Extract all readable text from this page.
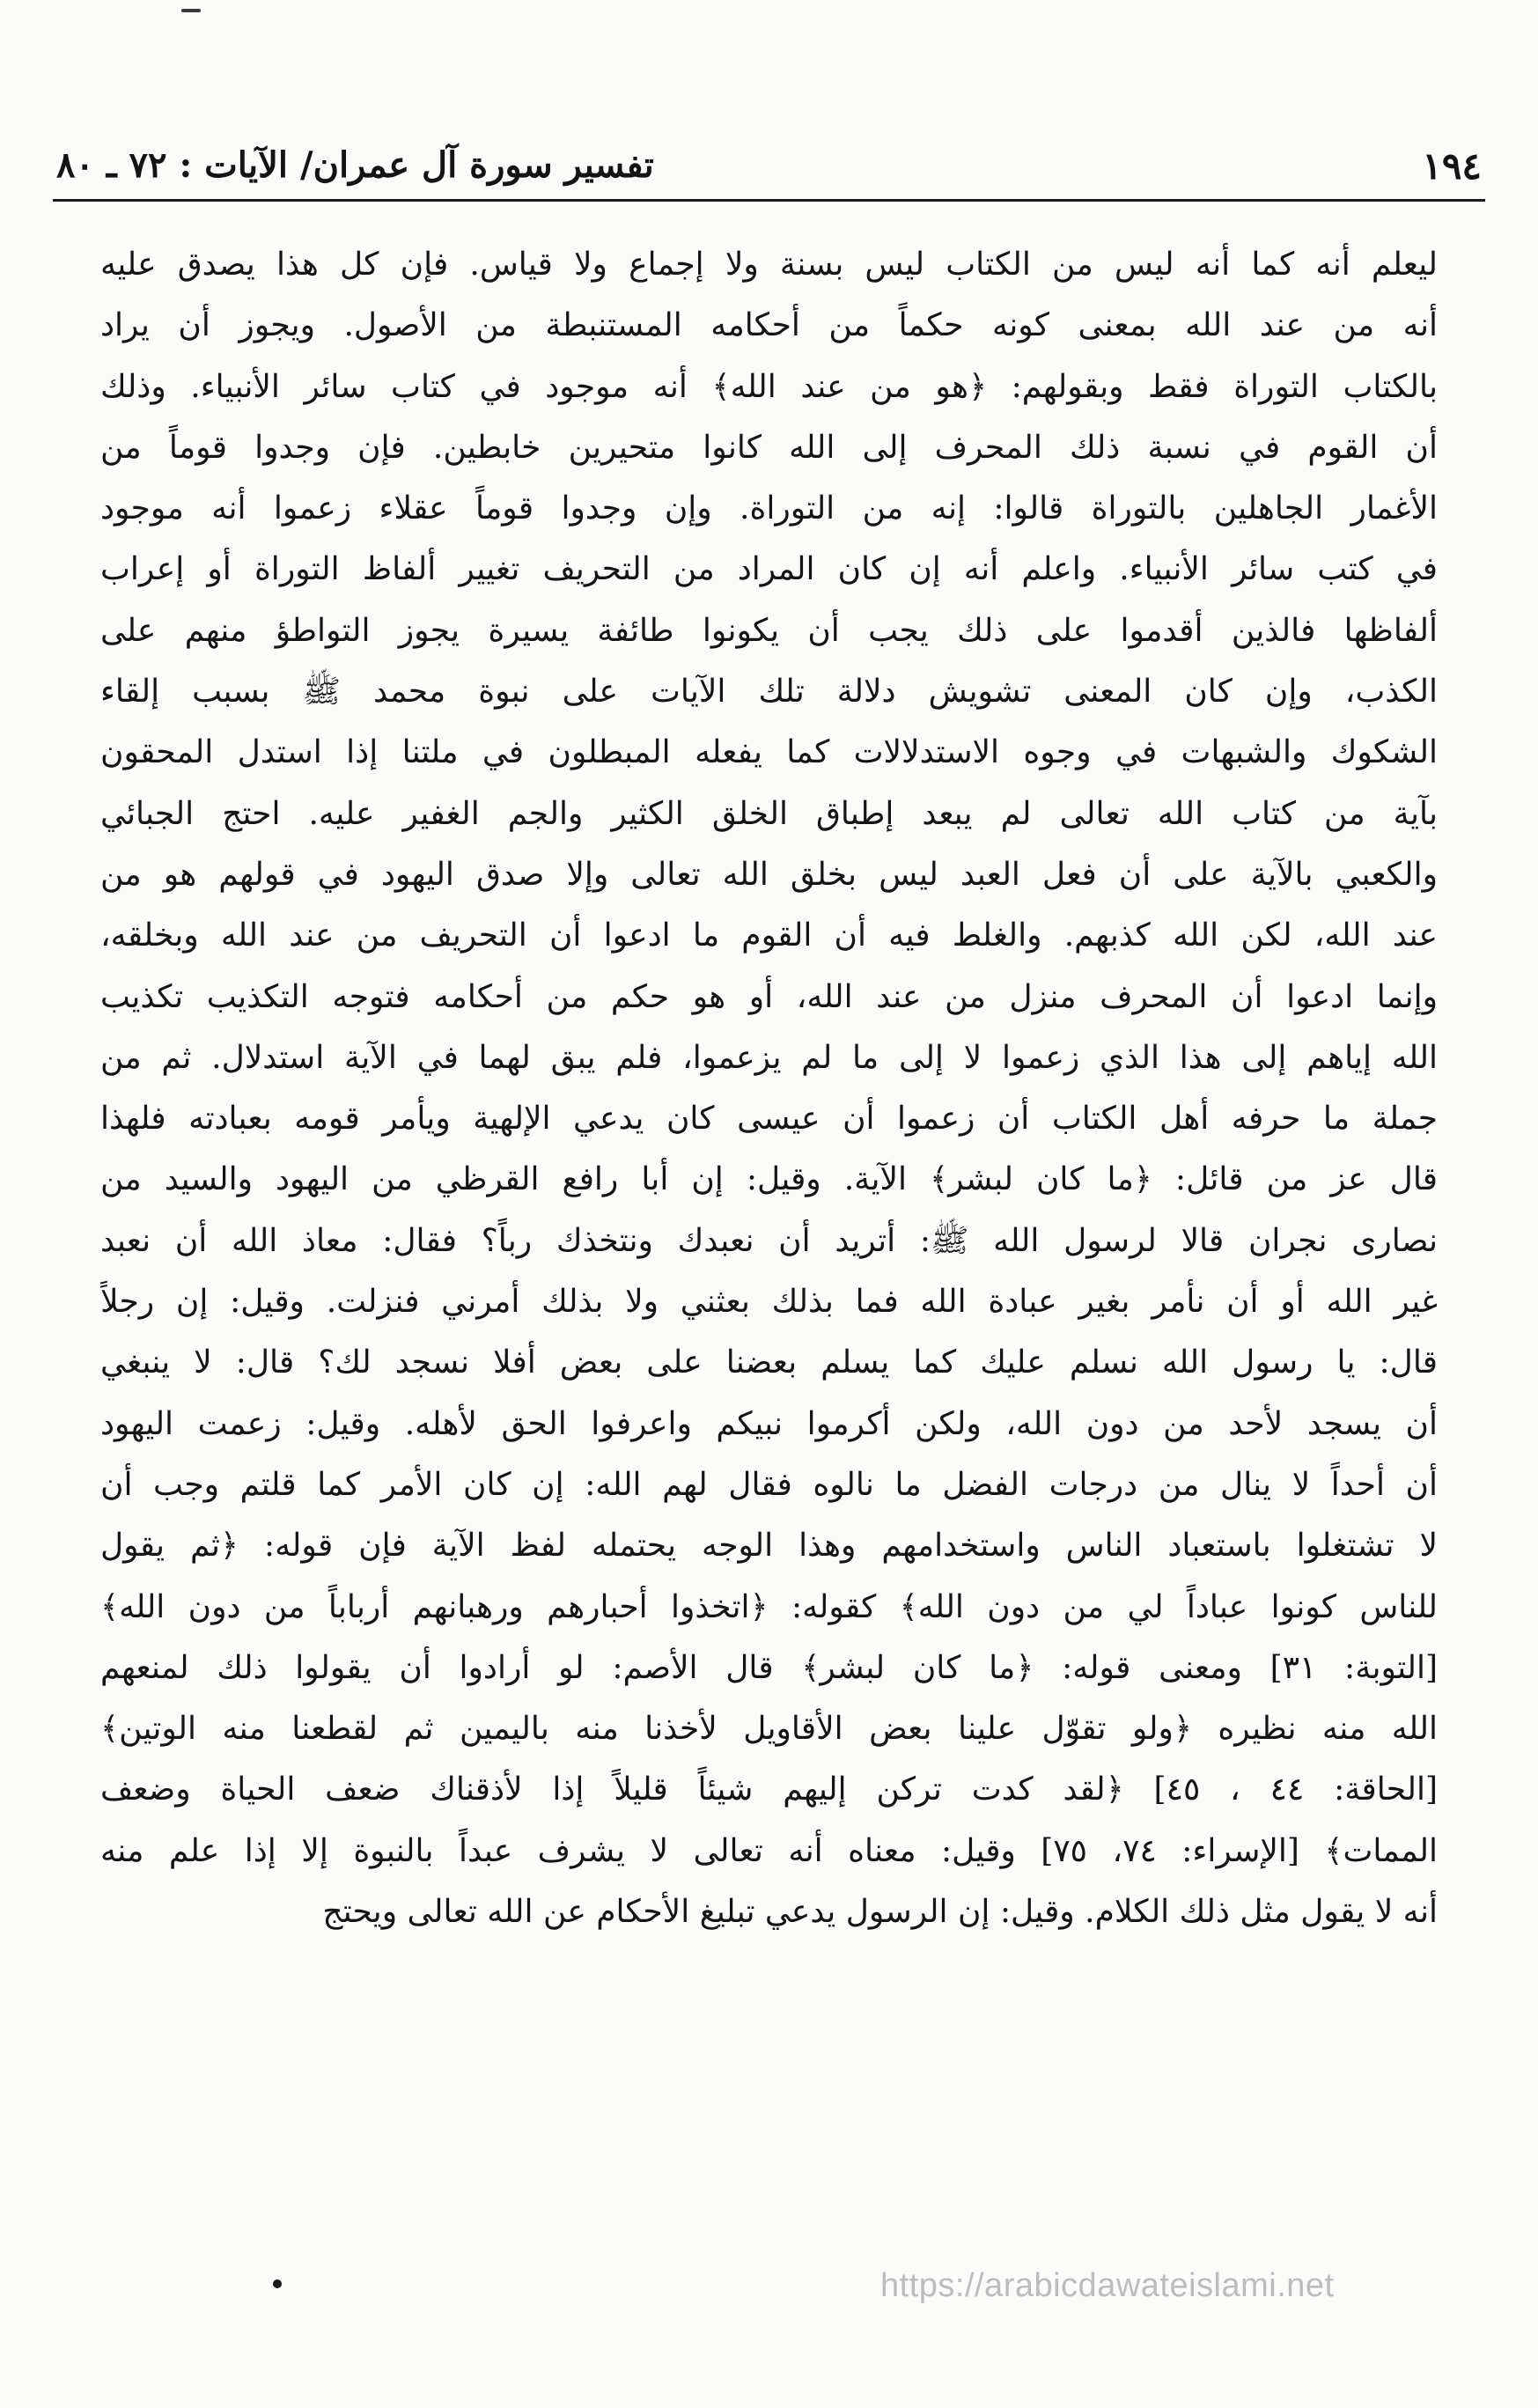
١٩٤
تفسير سورة آل عمران/ الآيات : ٧٢ ـ ٨٠
ليعلم أنه كما أنه ليس من الكتاب ليس بسنة ولا إجماع ولا قياس. فإن كل هذا يصدق عليه
أنه من عند الله بمعنى كونه حكماً من أحكامه المستنبطة من الأصول. ويجوز أن يراد
بالكتاب التوراة فقط وبقولهم: ﴿هو من عند الله﴾ أنه موجود في كتاب سائر الأنبياء. وذلك
أن القوم في نسبة ذلك المحرف إلى الله كانوا متحيرين خابطين. فإن وجدوا قوماً من
الأغمار الجاهلين بالتوراة قالوا: إنه من التوراة. وإن وجدوا قوماً عقلاء زعموا أنه موجود
في كتب سائر الأنبياء. واعلم أنه إن كان المراد من التحريف تغيير ألفاظ التوراة أو إعراب
ألفاظها فالذين أقدموا على ذلك يجب أن يكونوا طائفة يسيرة يجوز التواطؤ منهم على
الكذب، وإن كان المعنى تشويش دلالة تلك الآيات على نبوة محمد ﷺ بسبب إلقاء
الشكوك والشبهات في وجوه الاستدلالات كما يفعله المبطلون في ملتنا إذا استدل المحقون
بآية من كتاب الله تعالى لم يبعد إطباق الخلق الكثير والجم الغفير عليه. احتج الجبائي
والكعبي بالآية على أن فعل العبد ليس بخلق الله تعالى وإلا صدق اليهود في قولهم هو من
عند الله، لكن الله كذبهم. والغلط فيه أن القوم ما ادعوا أن التحريف من عند الله وبخلقه،
وإنما ادعوا أن المحرف منزل من عند الله، أو هو حكم من أحكامه فتوجه التكذيب تكذيب
الله إياهم إلى هذا الذي زعموا لا إلى ما لم يزعموا، فلم يبق لهما في الآية استدلال. ثم من
جملة ما حرفه أهل الكتاب أن زعموا أن عيسى كان يدعي الإلهية ويأمر قومه بعبادته فلهذا
قال عز من قائل: ﴿ما كان لبشر﴾ الآية. وقيل: إن أبا رافع القرظي من اليهود والسيد من
نصارى نجران قالا لرسول الله ﷺ: أتريد أن نعبدك ونتخذك رباً؟ فقال: معاذ الله أن نعبد
غير الله أو أن نأمر بغير عبادة الله فما بذلك بعثني ولا بذلك أمرني فنزلت. وقيل: إن رجلاً
قال: يا رسول الله نسلم عليك كما يسلم بعضنا على بعض أفلا نسجد لك؟ قال: لا ينبغي
أن يسجد لأحد من دون الله، ولكن أكرموا نبيكم واعرفوا الحق لأهله. وقيل: زعمت اليهود
أن أحداً لا ينال من درجات الفضل ما نالوه فقال لهم الله: إن كان الأمر كما قلتم وجب أن
لا تشتغلوا باستعباد الناس واستخدامهم وهذا الوجه يحتمله لفظ الآية فإن قوله: ﴿ثم يقول
للناس كونوا عباداً لي من دون الله﴾ كقوله: ﴿اتخذوا أحبارهم ورهبانهم أرباباً من دون الله﴾
[التوبة: ٣١] ومعنى قوله: ﴿ما كان لبشر﴾ قال الأصم: لو أرادوا أن يقولوا ذلك لمنعهم
الله منه نظيره ﴿ولو تقوّل علينا بعض الأقاويل لأخذنا منه باليمين ثم لقطعنا منه الوتين﴾
[الحاقة: ٤٤ ، ٤٥] ﴿لقد كدت تركن إليهم شيئاً قليلاً إذا لأذقناك ضعف الحياة وضعف
الممات﴾ [الإسراء: ٧٤، ٧٥] وقيل: معناه أنه تعالى لا يشرف عبداً بالنبوة إلا إذا علم منه
أنه لا يقول مثل ذلك الكلام. وقيل: إن الرسول يدعي تبليغ الأحكام عن الله تعالى ويحتج
https://arabicdawateislami.net
